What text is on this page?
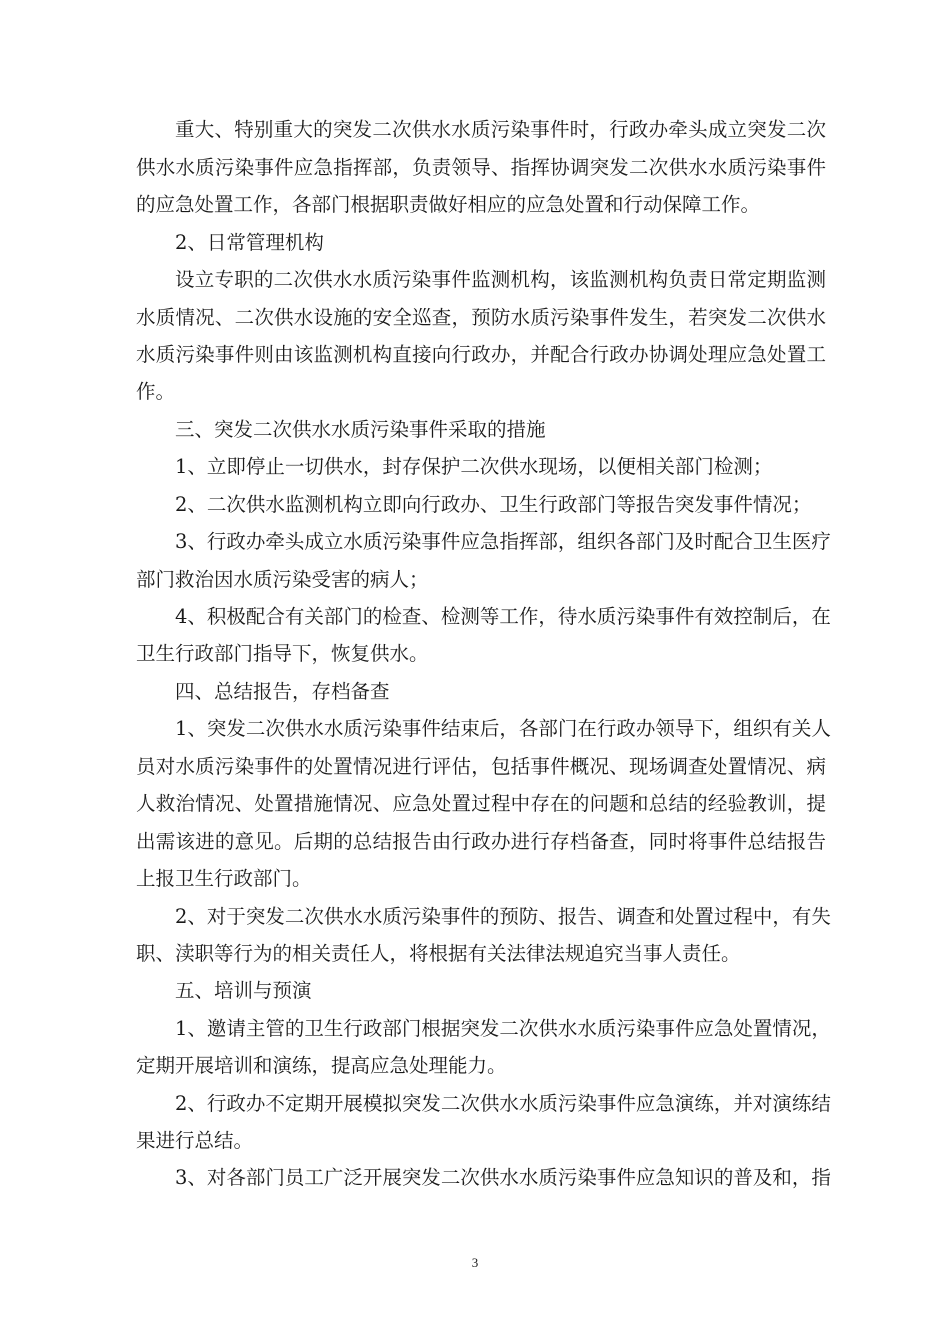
重大、特别重大的突发二次供水水质污染事件时，行政办牵头成立突发二次
供水水质污染事件应急指挥部，负责领导、指挥协调突发二次供水水质污染事件
的应急处置工作，各部门根据职责做好相应的应急处置和行动保障工作。
2、日常管理机构
设立专职的二次供水水质污染事件监测机构，该监测机构负责日常定期监测
水质情况、二次供水设施的安全巡查，预防水质污染事件发生，若突发二次供水
水质污染事件则由该监测机构直接向行政办，并配合行政办协调处理应急处置工
作。
三、突发二次供水水质污染事件采取的措施
1、立即停止一切供水，封存保护二次供水现场，以便相关部门检测；
2、二次供水监测机构立即向行政办、卫生行政部门等报告突发事件情况；
3、行政办牵头成立水质污染事件应急指挥部，组织各部门及时配合卫生医疗
部门救治因水质污染受害的病人；
4、积极配合有关部门的检查、检测等工作，待水质污染事件有效控制后，在
卫生行政部门指导下，恢复供水。
四、总结报告，存档备查
1、突发二次供水水质污染事件结束后，各部门在行政办领导下，组织有关人
员对水质污染事件的处置情况进行评估，包括事件概况、现场调查处置情况、病
人救治情况、处置措施情况、应急处置过程中存在的问题和总结的经验教训，提
出需该进的意见。后期的总结报告由行政办进行存档备查，同时将事件总结报告
上报卫生行政部门。
2、对于突发二次供水水质污染事件的预防、报告、调查和处置过程中，有失
职、渎职等行为的相关责任人，将根据有关法律法规追究当事人责任。
五、培训与预演
1、邀请主管的卫生行政部门根据突发二次供水水质污染事件应急处置情况，
定期开展培训和演练，提高应急处理能力。
2、行政办不定期开展模拟突发二次供水水质污染事件应急演练，并对演练结
果进行总结。
3、对各部门员工广泛开展突发二次供水水质污染事件应急知识的普及和，指
3
